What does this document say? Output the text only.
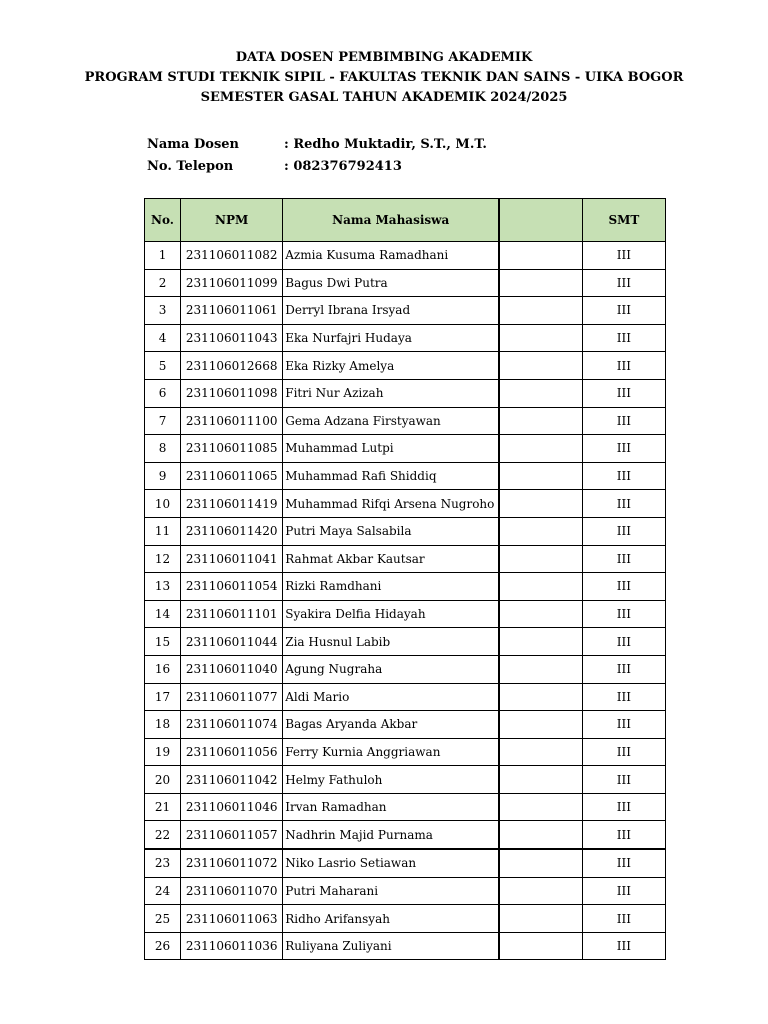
DATA DOSEN PEMBIMBING AKADEMIK
PROGRAM STUDI TEKNIK SIPIL - FAKULTAS TEKNIK DAN SAINS - UIKA BOGOR
SEMESTER GASAL TAHUN AKADEMIK 2024/2025
Nama Dosen	: Redho Muktadir, S.T., M.T.
No. Telepon	: 082376792413
No.	NPM	Nama Mahasiswa		SMT
1	231106011082	Azmia Kusuma Ramadhani		III
2	231106011099	Bagus Dwi Putra		III
3	231106011061	Derryl Ibrana Irsyad		III
4	231106011043	Eka Nurfajri Hudaya		III
5	231106012668	Eka Rizky Amelya		III
6	231106011098	Fitri Nur Azizah		III
7	231106011100	Gema Adzana Firstyawan		III
8	231106011085	Muhammad Lutpi		III
9	231106011065	Muhammad Rafi Shiddiq		III
10	231106011419	Muhammad Rifqi Arsena Nugroho		III
11	231106011420	Putri Maya Salsabila		III
12	231106011041	Rahmat Akbar Kautsar		III
13	231106011054	Rizki Ramdhani		III
14	231106011101	Syakira Delfia Hidayah		III
15	231106011044	Zia Husnul Labib		III
16	231106011040	Agung Nugraha		III
17	231106011077	Aldi Mario		III
18	231106011074	Bagas Aryanda Akbar		III
19	231106011056	Ferry Kurnia Anggriawan		III
20	231106011042	Helmy Fathuloh		III
21	231106011046	Irvan Ramadhan		III
22	231106011057	Nadhrin Majid Purnama		III
23	231106011072	Niko Lasrio Setiawan		III
24	231106011070	Putri Maharani		III
25	231106011063	Ridho Arifansyah		III
26	231106011036	Ruliyana Zuliyani		III
